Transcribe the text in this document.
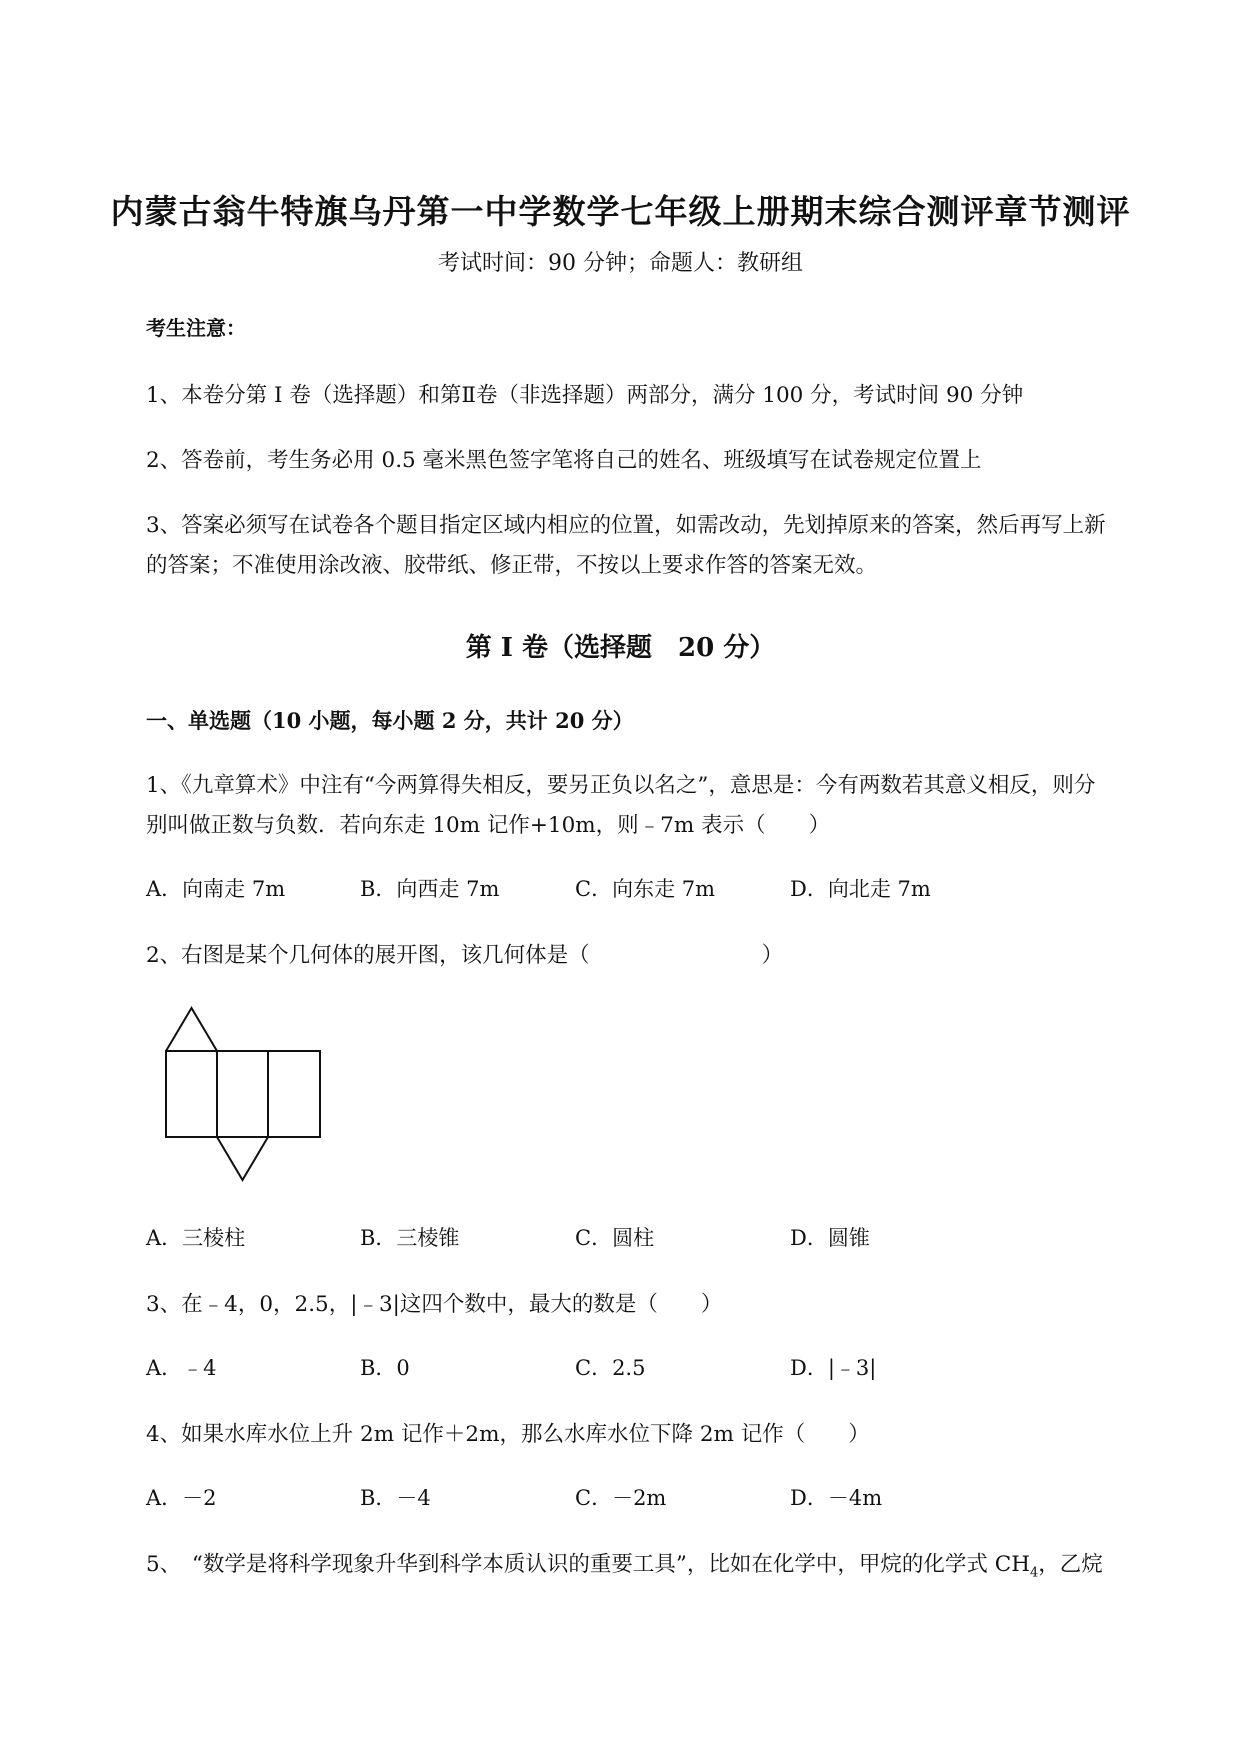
内蒙古翁牛特旗乌丹第一中学数学七年级上册期末综合测评章节测评
考试时间：90 分钟；命题人：教研组
考生注意：
1、本卷分第 I 卷（选择题）和第Ⅱ卷（非选择题）两部分，满分 100 分，考试时间 90 分钟
2、答卷前，考生务必用 0.5 毫米黑色签字笔将自己的姓名、班级填写在试卷规定位置上
3、答案必须写在试卷各个题目指定区域内相应的位置，如需改动，先划掉原来的答案，然后再写上新
的答案；不准使用涂改液、胶带纸、修正带，不按以上要求作答的答案无效。
第 I 卷（选择题　20 分）
一、单选题（10 小题，每小题 2 分，共计 20 分）
1、《九章算术》中注有“今两算得失相反，要另正负以名之”，意思是：今有两数若其意义相反，则分
别叫做正数与负数．若向东走 10m 记作+10m，则﹣7m 表示（　　）
A．向南走 7m	B．向西走 7m	C．向东走 7m	D．向北走 7m
2、右图是某个几何体的展开图，该几何体是（　　　　　　　　）
A．三棱柱	B．三棱锥	C．圆柱	D．圆锥
3、在﹣4，0，2.5，|﹣3|这四个数中，最大的数是（　　）
A．﹣4	B．0	C．2.5	D．|﹣3|
4、如果水库水位上升 2m 记作＋2m，那么水库水位下降 2m 记作（　　）
A．－2	B．－4	C．－2m	D．－4m
5、　“数学是将科学现象升华到科学本质认识的重要工具”，比如在化学中，甲烷的化学式 $CH_4$，乙烷
